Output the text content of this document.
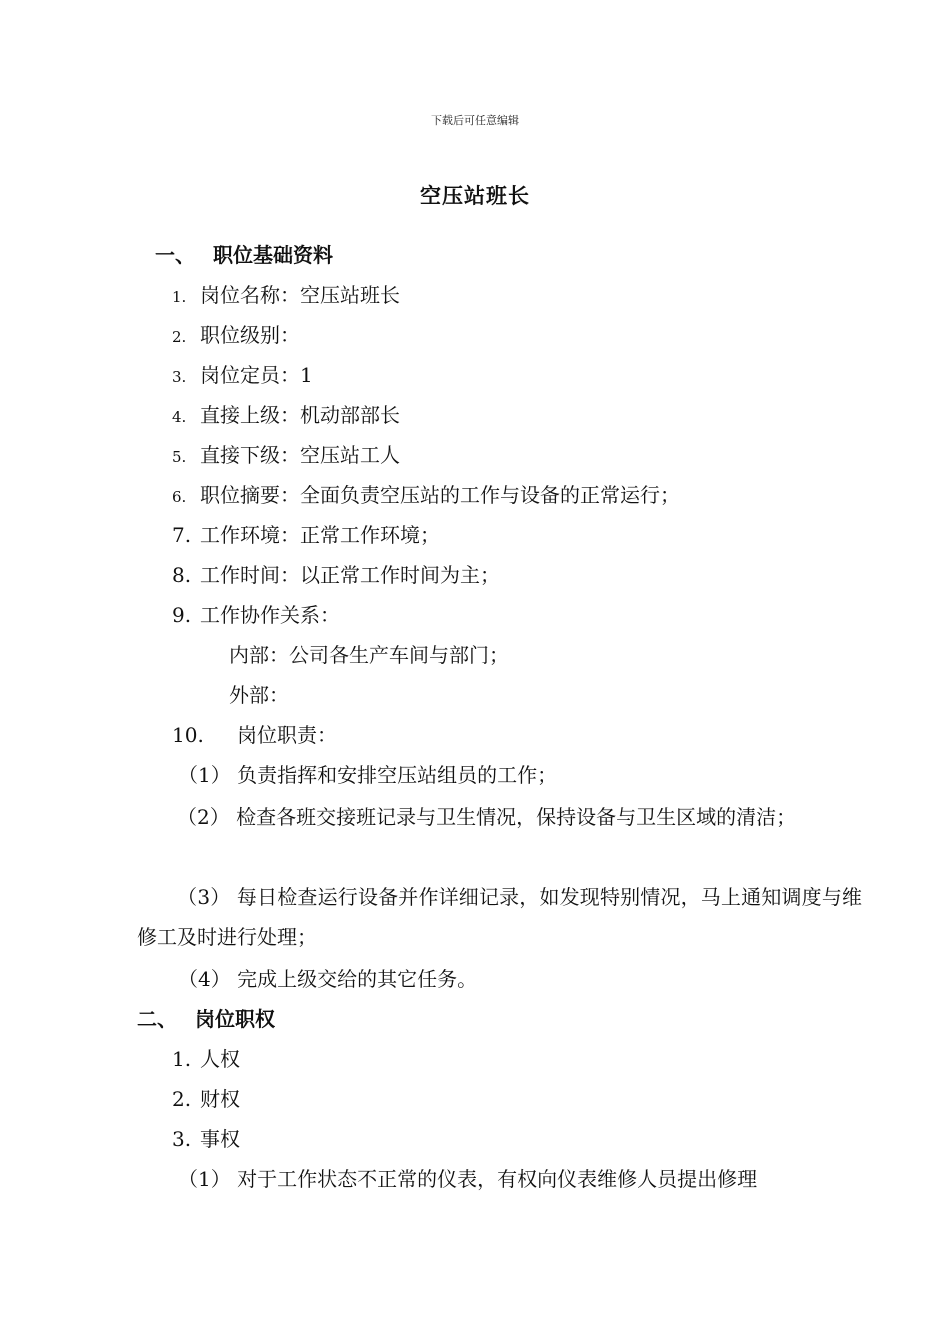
下载后可任意编辑
空压站班长
一、 职位基础资料
1. 岗位名称：空压站班长
2. 职位级别：
3. 岗位定员：1
4. 直接上级：机动部部长
5. 直接下级：空压站工人
6. 职位摘要：全面负责空压站的工作与设备的正常运行；
7. 工作环境：正常工作环境；
8. 工作时间：以正常工作时间为主；
9. 工作协作关系：
内部：公司各生产车间与部门；
外部：
10. 岗位职责：
（1） 负责指挥和安排空压站组员的工作；
（2） 检查各班交接班记录与卫生情况，保持设备与卫生区域的清洁；
（3） 每日检查运行设备并作详细记录，如发现特别情况，马上通知调度与维修工及时进行处理；
（4） 完成上级交给的其它任务。
二、 岗位职权
1. 人权
2. 财权
3. 事权
（1） 对于工作状态不正常的仪表，有权向仪表维修人员提出修理
